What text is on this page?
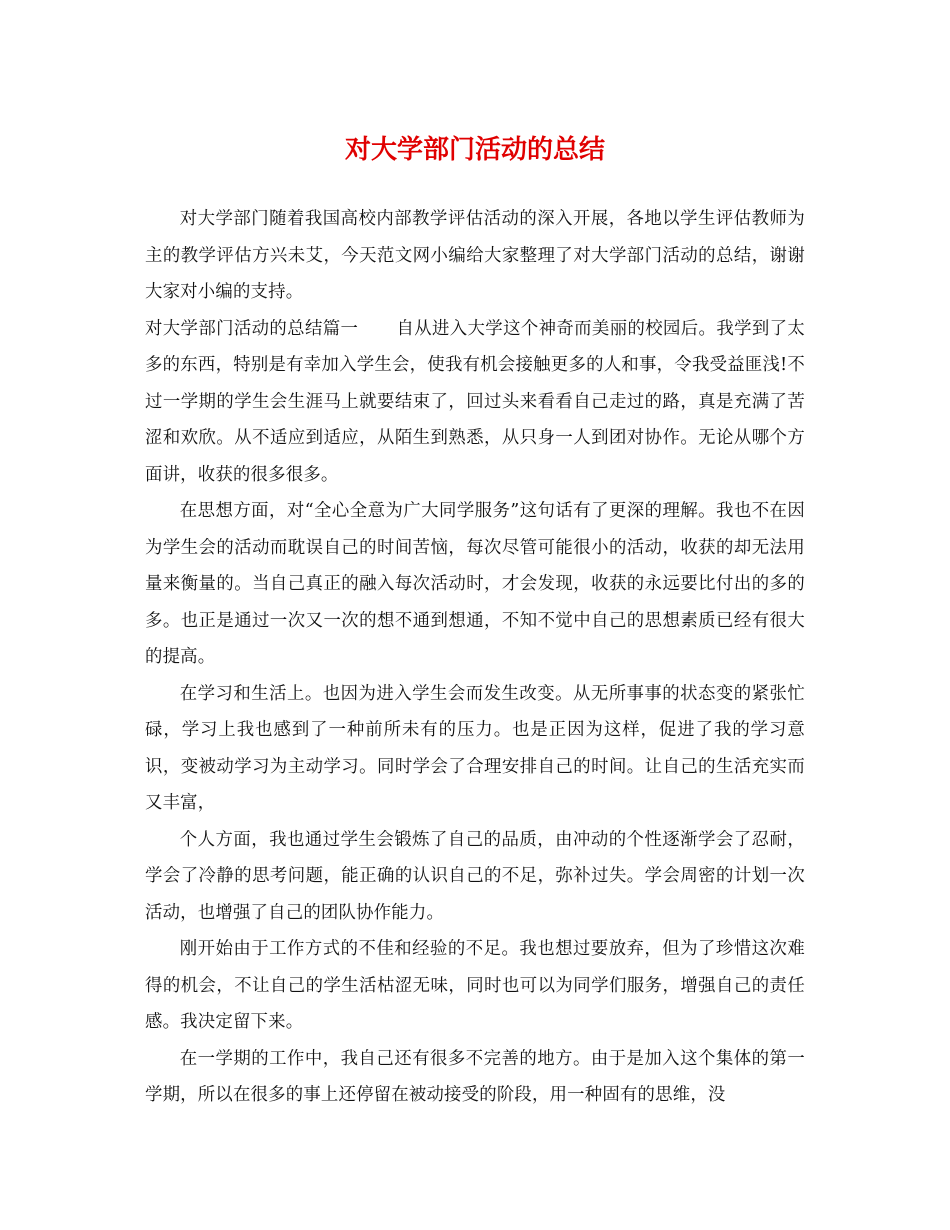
对大学部门活动的总结

对大学部门随着我国高校内部教学评估活动的深入开展，各地以学生评估教师为主的教学评估方兴未艾，今天范文网小编给大家整理了对大学部门活动的总结，谢谢大家对小编的支持。

对大学部门活动的总结篇一 自从进入大学这个神奇而美丽的校园后。我学到了太多的东西，特别是有幸加入学生会，使我有机会接触更多的人和事，令我受益匪浅!不过一学期的学生会生涯马上就要结束了，回过头来看看自己走过的路，真是充满了苦涩和欢欣。从不适应到适应，从陌生到熟悉，从只身一人到团对协作。无论从哪个方面讲，收获的很多很多。

在思想方面，对“全心全意为广大同学服务”这句话有了更深的理解。我也不在因为学生会的活动而耽误自己的时间苦恼，每次尽管可能很小的活动，收获的却无法用量来衡量的。当自己真正的融入每次活动时，才会发现，收获的永远要比付出的多的多。也正是通过一次又一次的想不通到想通，不知不觉中自己的思想素质已经有很大的提高。

在学习和生活上。也因为进入学生会而发生改变。从无所事事的状态变的紧张忙碌，学习上我也感到了一种前所未有的压力。也是正因为这样，促进了我的学习意识，变被动学习为主动学习。同时学会了合理安排自己的时间。让自己的生活充实而又丰富，

个人方面，我也通过学生会锻炼了自己的品质，由冲动的个性逐渐学会了忍耐，学会了冷静的思考问题，能正确的认识自己的不足，弥补过失。学会周密的计划一次活动，也增强了自己的团队协作能力。

刚开始由于工作方式的不佳和经验的不足。我也想过要放弃，但为了珍惜这次难得的机会，不让自己的学生活枯涩无味，同时也可以为同学们服务，增强自己的责任感。我决定留下来。

在一学期的工作中，我自己还有很多不完善的地方。由于是加入这个集体的第一学期，所以在很多的事上还停留在被动接受的阶段，用一种固有的思维，没
